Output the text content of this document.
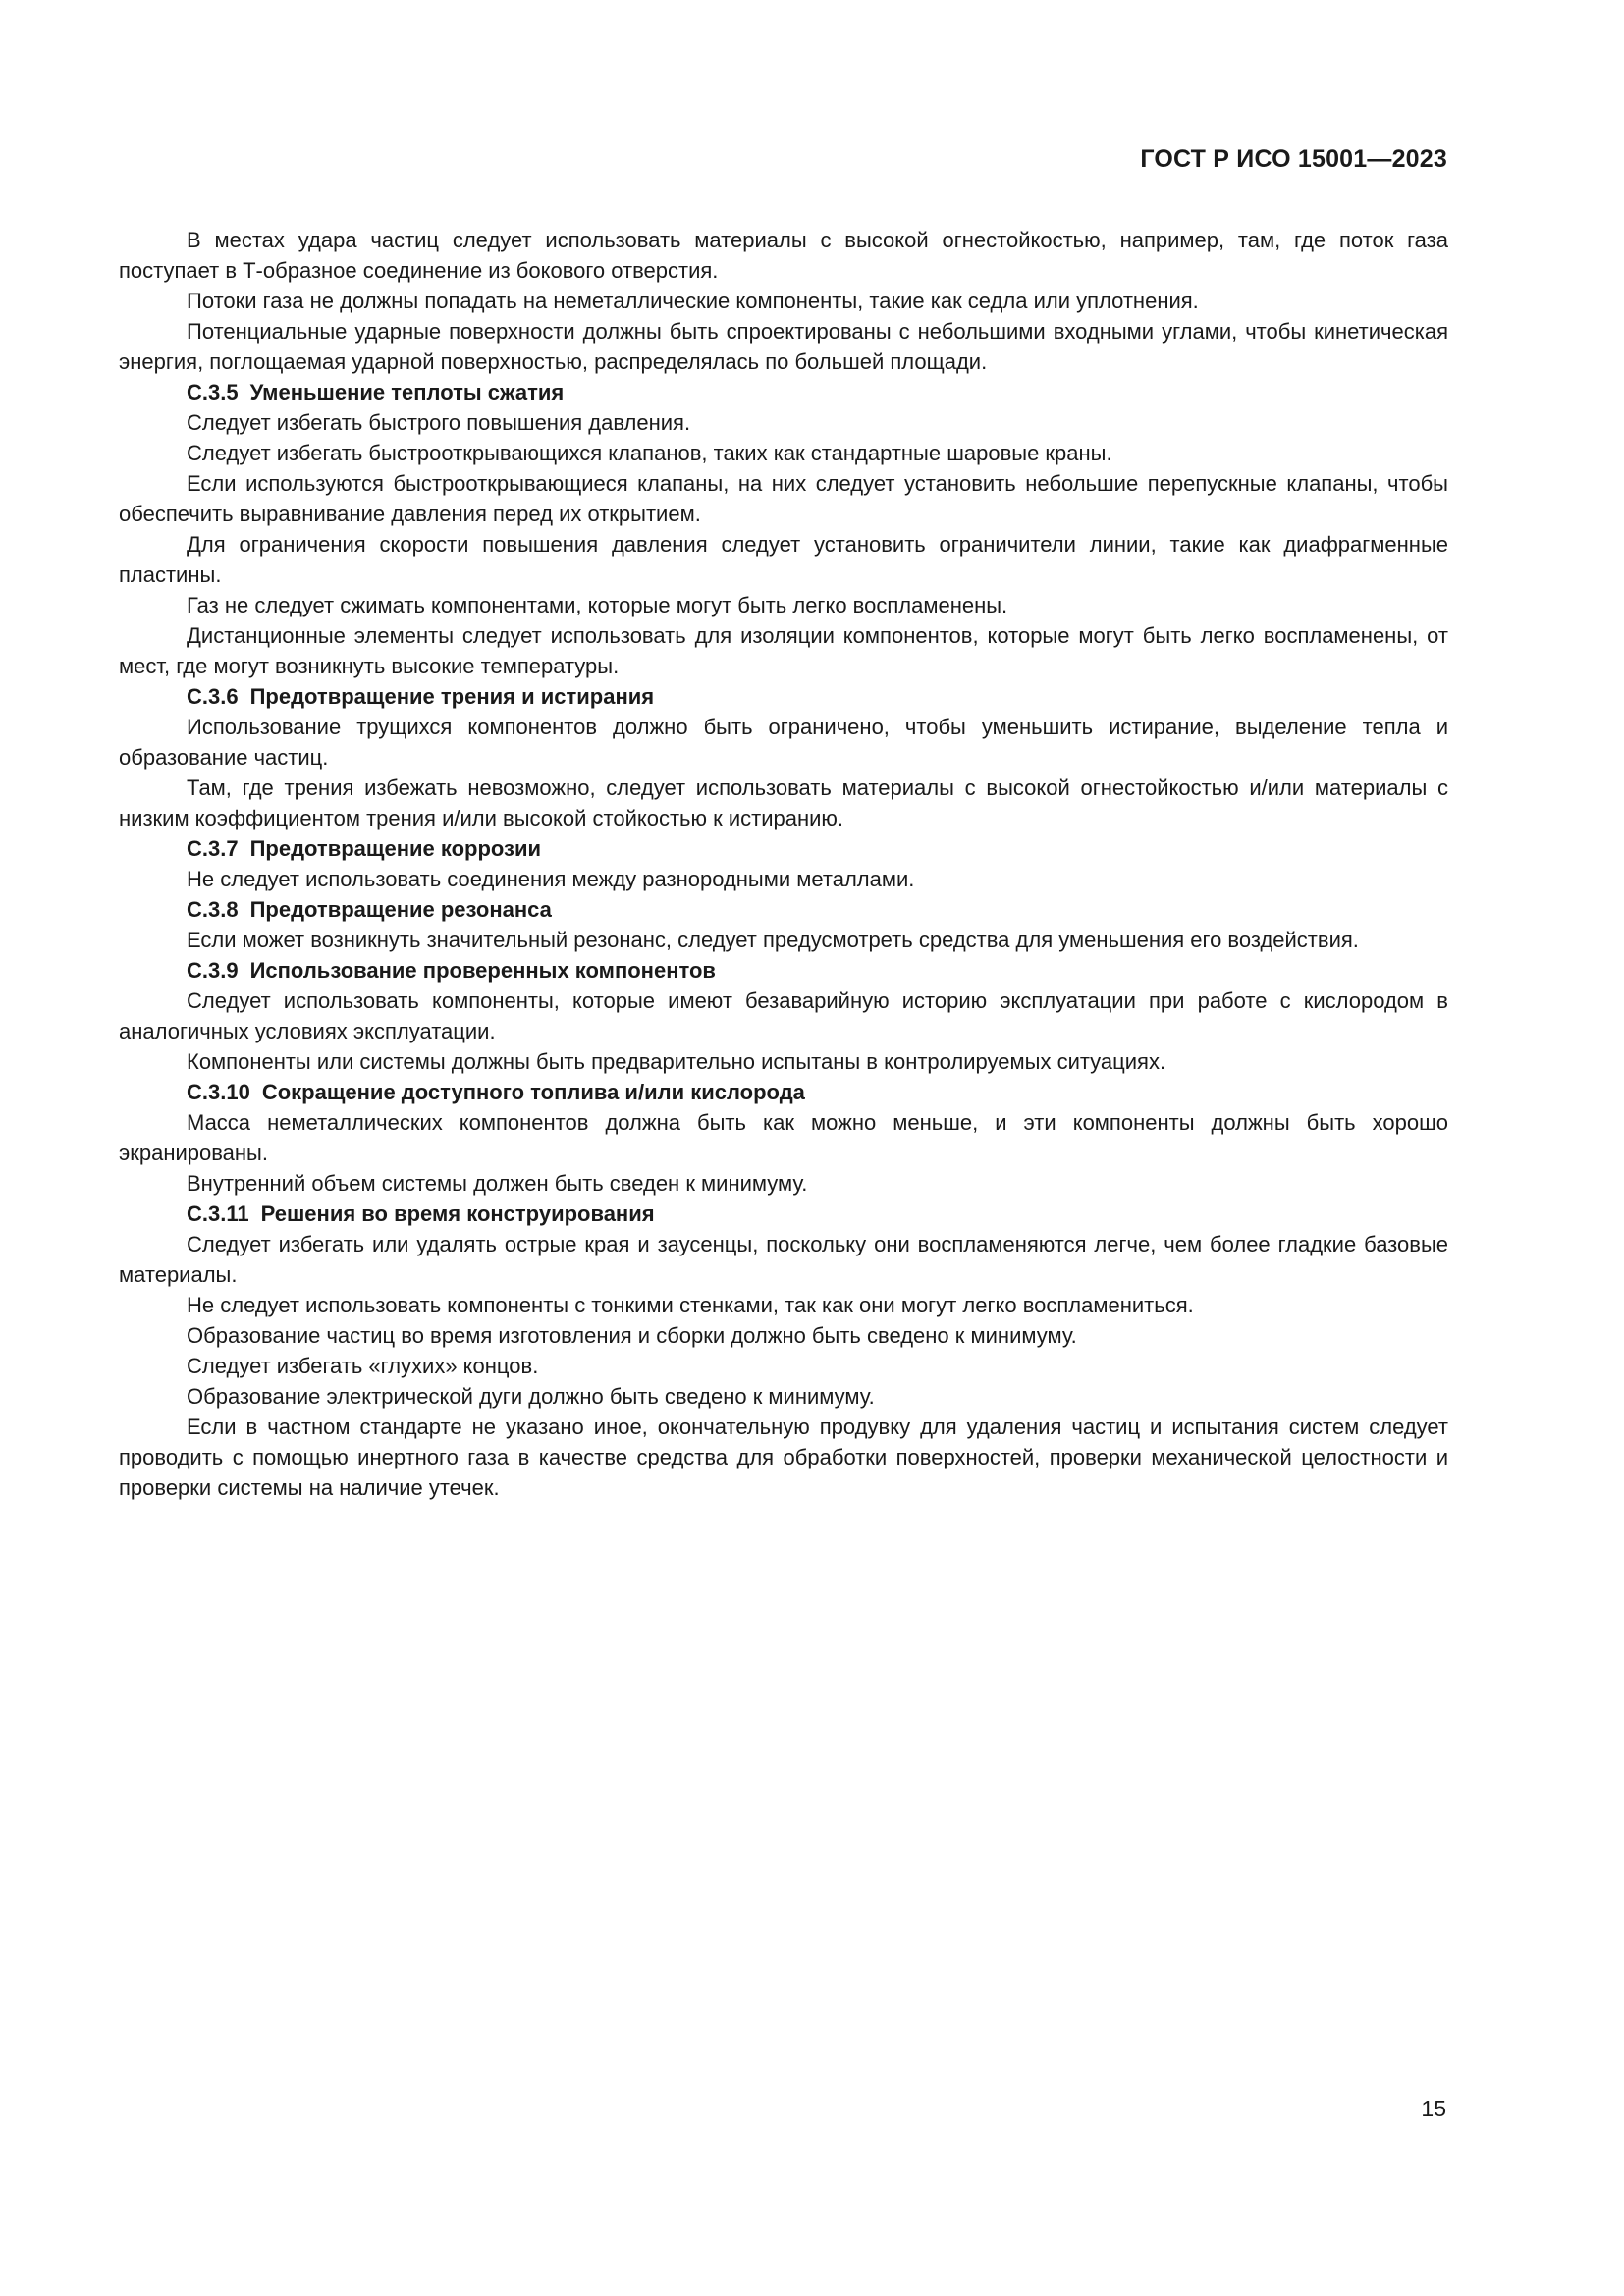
ГОСТ Р ИСО 15001—2023

В местах удара частиц следует использовать материалы с высокой огнестойкостью, например, там, где поток газа поступает в Т-образное соединение из бокового отверстия.

Потоки газа не должны попадать на неметаллические компоненты, такие как седла или уплотнения.

Потенциальные ударные поверхности должны быть спроектированы с небольшими входными углами, чтобы кинетическая энергия, поглощаемая ударной поверхностью, распределялась по большей площади.

С.3.5 Уменьшение теплоты сжатия

Следует избегать быстрого повышения давления.

Следует избегать быстрооткрывающихся клапанов, таких как стандартные шаровые краны.

Если используются быстрооткрывающиеся клапаны, на них следует установить небольшие перепускные клапаны, чтобы обеспечить выравнивание давления перед их открытием.

Для ограничения скорости повышения давления следует установить ограничители линии, такие как диафрагменные пластины.

Газ не следует сжимать компонентами, которые могут быть легко воспламенены.

Дистанционные элементы следует использовать для изоляции компонентов, которые могут быть легко воспламенены, от мест, где могут возникнуть высокие температуры.

С.3.6 Предотвращение трения и истирания

Использование трущихся компонентов должно быть ограничено, чтобы уменьшить истирание, выделение тепла и образование частиц.

Там, где трения избежать невозможно, следует использовать материалы с высокой огнестойкостью и/или материалы с низким коэффициентом трения и/или высокой стойкостью к истиранию.

С.3.7 Предотвращение коррозии

Не следует использовать соединения между разнородными металлами.

С.3.8 Предотвращение резонанса

Если может возникнуть значительный резонанс, следует предусмотреть средства для уменьшения его воздействия.

С.3.9 Использование проверенных компонентов

Следует использовать компоненты, которые имеют безаварийную историю эксплуатации при работе с кислородом в аналогичных условиях эксплуатации.

Компоненты или системы должны быть предварительно испытаны в контролируемых ситуациях.

С.3.10 Сокращение доступного топлива и/или кислорода

Масса неметаллических компонентов должна быть как можно меньше, и эти компоненты должны быть хорошо экранированы.

Внутренний объем системы должен быть сведен к минимуму.

С.3.11 Решения во время конструирования

Следует избегать или удалять острые края и заусенцы, поскольку они воспламеняются легче, чем более гладкие базовые материалы.

Не следует использовать компоненты с тонкими стенками, так как они могут легко воспламениться.

Образование частиц во время изготовления и сборки должно быть сведено к минимуму.

Следует избегать «глухих» концов.

Образование электрической дуги должно быть сведено к минимуму.

Если в частном стандарте не указано иное, окончательную продувку для удаления частиц и испытания систем следует проводить с помощью инертного газа в качестве средства для обработки поверхностей, проверки механической целостности и проверки системы на наличие утечек.

15
